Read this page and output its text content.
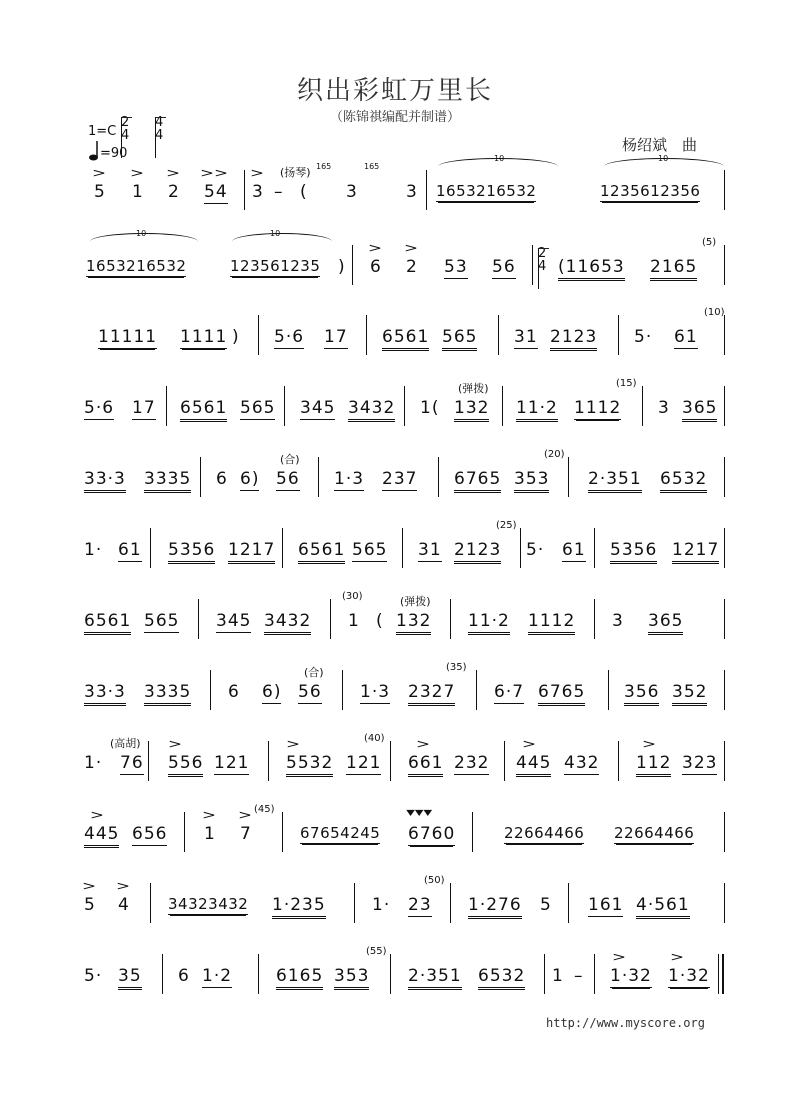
织出彩虹万里长
（陈锦祺编配并制谱）
杨绍斌　曲
1=C
2
4
4
4
=90
>
5
>
1
>
2
>>
54
>
3 –
(扬琴)
(
165
3
165
3
10
1653216532
10
1235612356
10
1653216532
10
123561235 )
>
6
>
2 53 56
2
4 (11653 2165
(5)
11111 1111 ) 5·6 17 6561 565 31 2123 5· 61
(10)
5·6 17 6561 565 345 3432 1(
(弹拨)
132 11·2 1112
(15)
3 365
33·3 3335 6 6)
(合)
56 1·3 237 6765 353
(20)
2·351 6532
1· 61 5356 1217 6561 565 31 2123
(25)
5· 61 5356 1217
6561 565 345 3432
(30)
1 (
(弹拨)
132 11·2 1112 3 365
33·3 3335 6 6)
(合)
56 1·3 2327
(35)
6·7 6765 356 352
1·
(高胡)
76
>
556 121
>
5532
(40)
121
>
661 232
>
445 432
>
112 323
>
445 656
>
1
>
7
(45)
67654245
▼▼▼
6760	22664466 22664466
>
5
>
4	34323432 1·235	1·
(50)
23 1·276 5 161 4·561
5· 35 6 1·2	6165
(55)
353 2·351 6532 1 –
>
1·32
>
1·32
http://www.myscore.org
